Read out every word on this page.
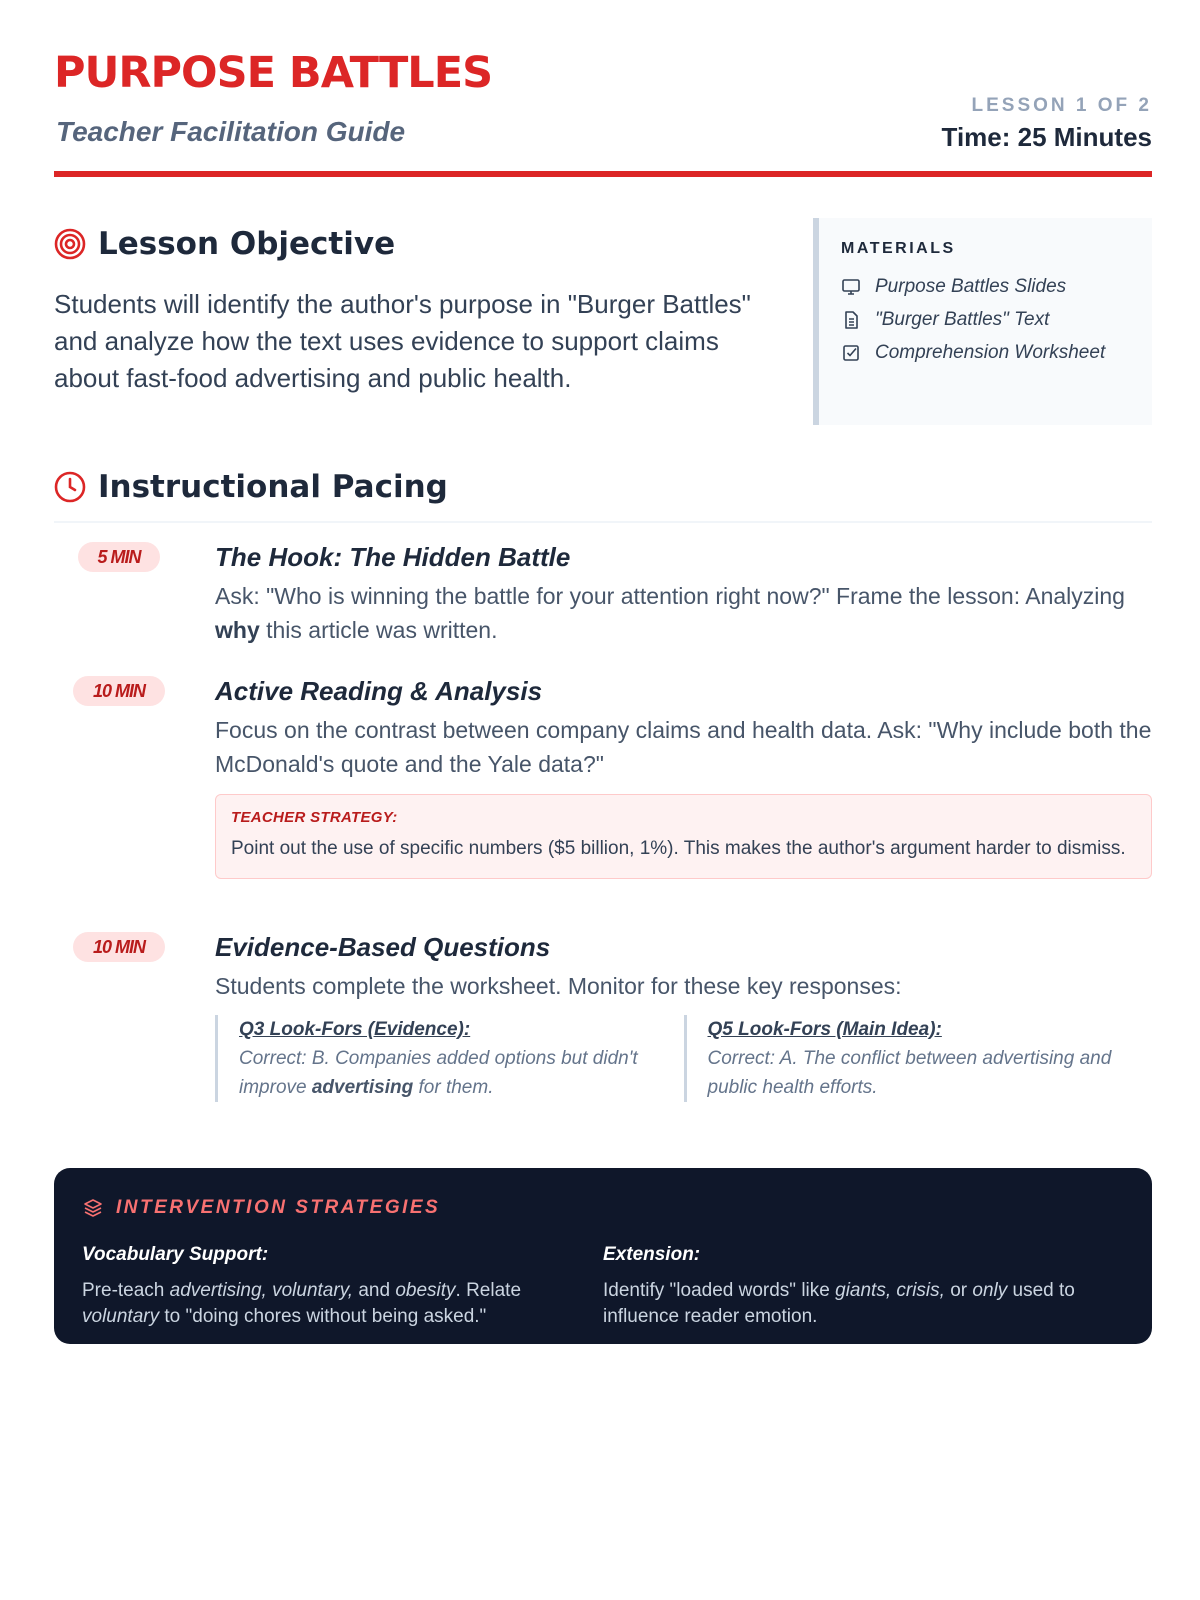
PURPOSE BATTLES
Teacher Facilitation Guide
LESSON 1 OF 2
Time: 25 Minutes
Lesson Objective

Students will identify the author's purpose in "Burger Battles" and analyze how the text uses evidence to support claims about fast-food advertising and public health.

MATERIALS
Purpose Battles Slides
"Burger Battles" Text
Comprehension Worksheet
Instructional Pacing
5 MIN	The Hook: The Hidden Battle
Ask: "Who is winning the battle for your attention right now?" Frame the lesson: Analyzing why this article was written.
10 MIN	Active Reading & Analysis
Focus on the contrast between company claims and health data. Ask: "Why include both the McDonald's quote and the Yale data?"
TEACHER STRATEGY:
Point out the use of specific numbers ($5 billion, 1%). This makes the author's argument harder to dismiss.
10 MIN	Evidence-Based Questions
Students complete the worksheet. Monitor for these key responses:
Q3 Look-Fors (Evidence):
Correct: B. Companies added options but didn't improve advertising for them.
Q5 Look-Fors (Main Idea):
Correct: A. The conflict between advertising and public health efforts.
INTERVENTION STRATEGIES
Vocabulary Support:

Pre-teach advertising, voluntary, and obesity. Relate voluntary to "doing chores without being asked."

Extension:

Identify "loaded words" like giants, crisis, or only used to influence reader emotion.
